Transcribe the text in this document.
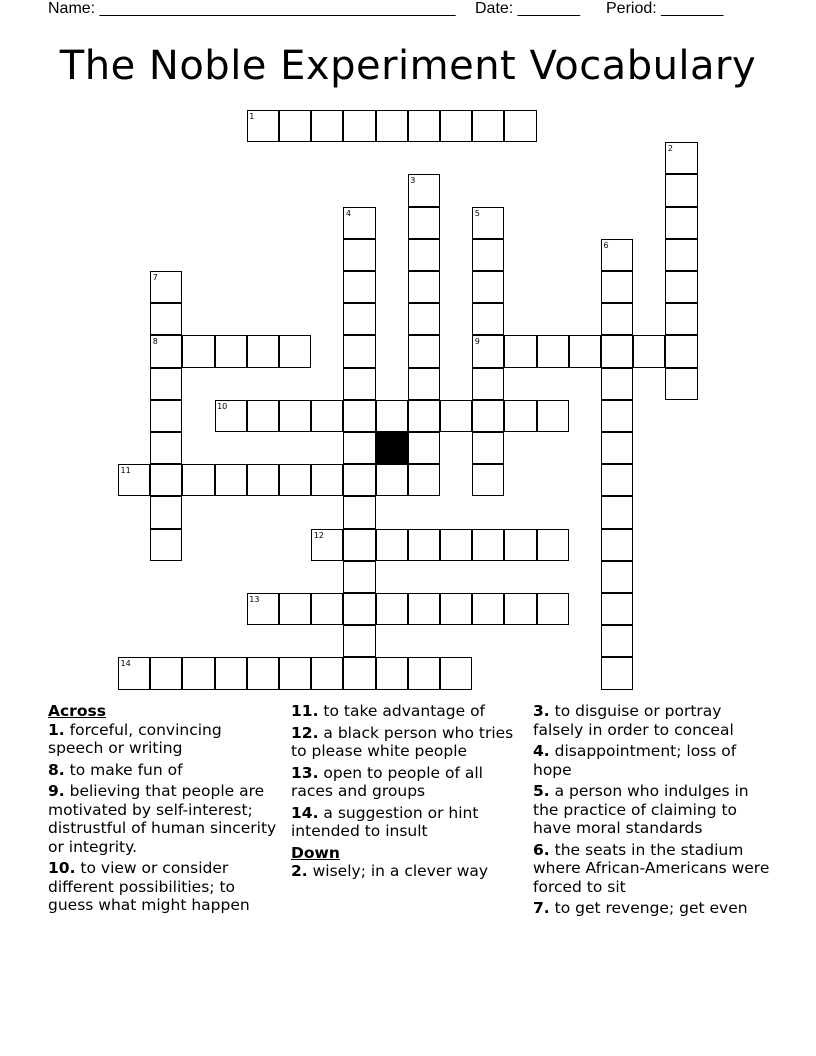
Name: ________________________________________

Date: _______

Period: _______

The Noble Experiment Vocabulary
1
8	9
10
11
12
13
14
2
3
4	5
6
7
Across
1. forceful, convincing speech or writing
8. to make fun of
9. believing that people are motivated by self-interest; distrustful of human sincerity or integrity.
10. to view or consider different possibilities; to guess what might happen
11. to take advantage of
12. a black person who tries to please white people
13. open to people of all races and groups
14. a suggestion or hint intended to insult
Down
2. wisely; in a clever way
3. to disguise or portray falsely in order to conceal
4. disappointment; loss of hope
5. a person who indulges in the practice of claiming to have moral standards
6. the seats in the stadium where African-Americans were forced to sit
7. to get revenge; get even
